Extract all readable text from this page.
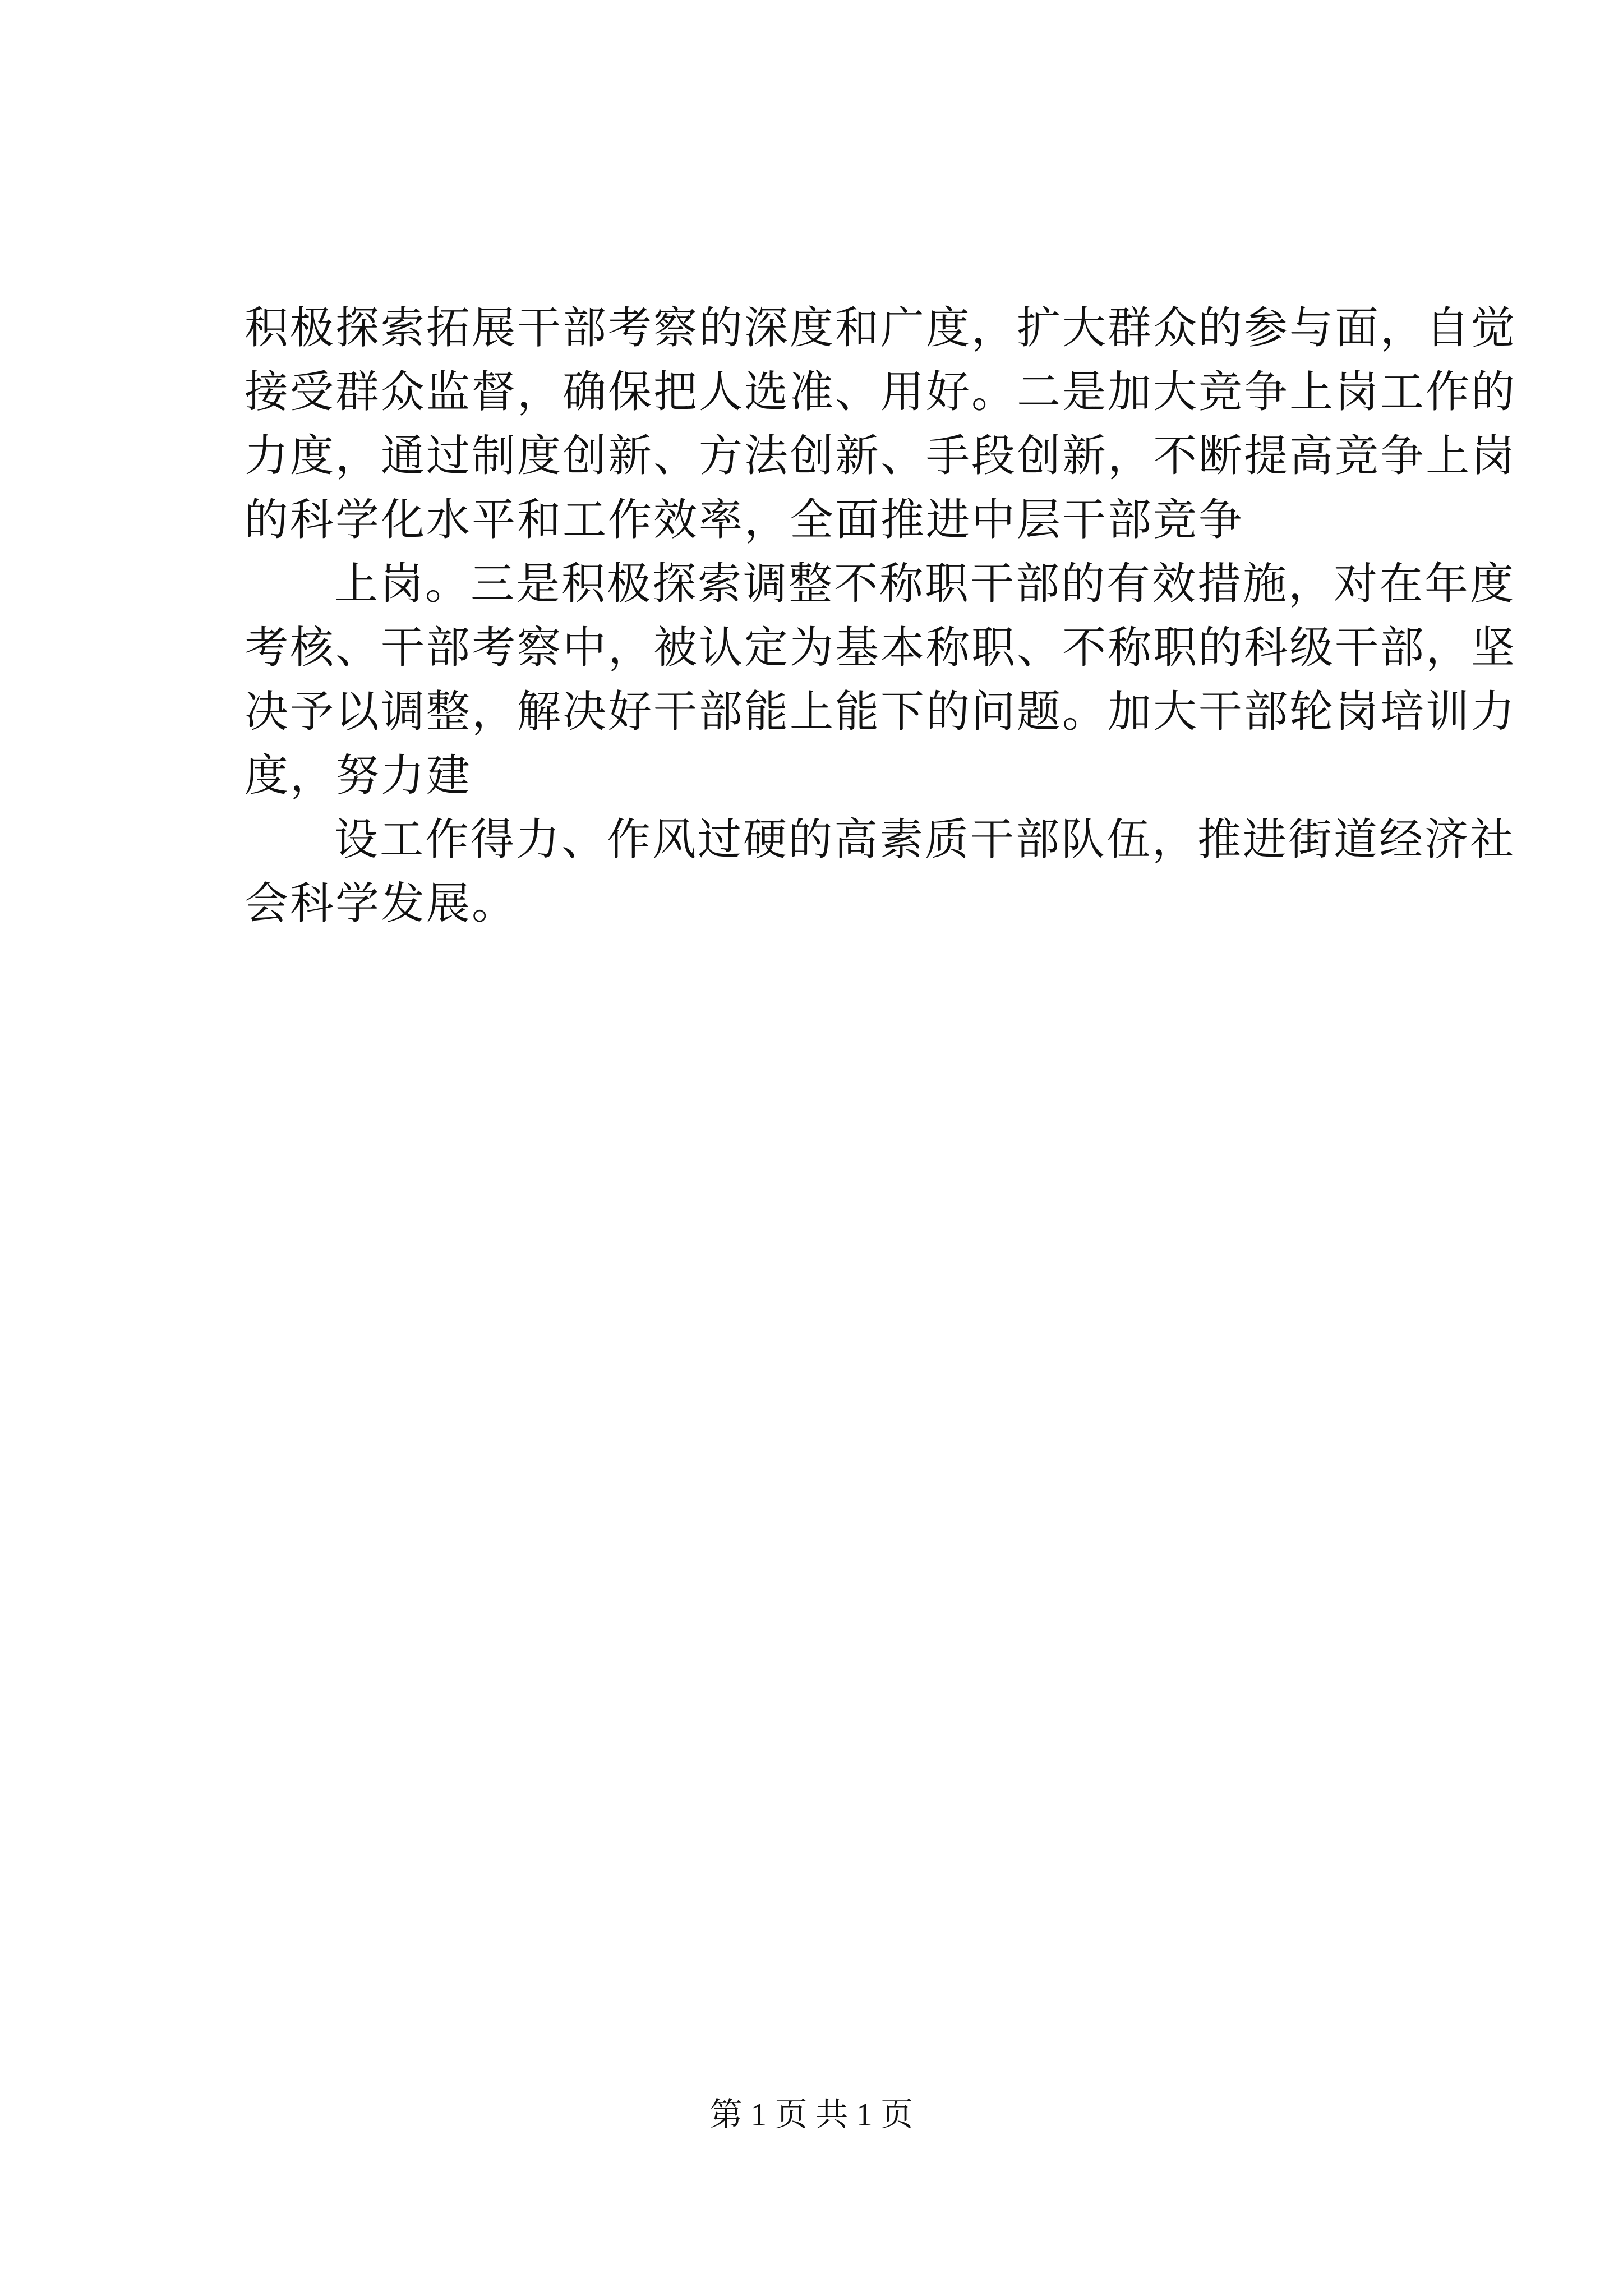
积极探索拓展干部考察的深度和广度，扩大群众的参与面，自觉
接受群众监督，确保把人选准、用好。二是加大竞争上岗工作的
力度，通过制度创新、方法创新、手段创新，不断提高竞争上岗
的科学化水平和工作效率，全面推进中层干部竞争
上岗。三是积极探索调整不称职干部的有效措施，对在年度
考核、干部考察中，被认定为基本称职、不称职的科级干部，坚
决予以调整，解决好干部能上能下的问题。加大干部轮岗培训力
度，努力建
设工作得力、作风过硬的高素质干部队伍，推进街道经济社
会科学发展。
第 1 页 共 1 页
